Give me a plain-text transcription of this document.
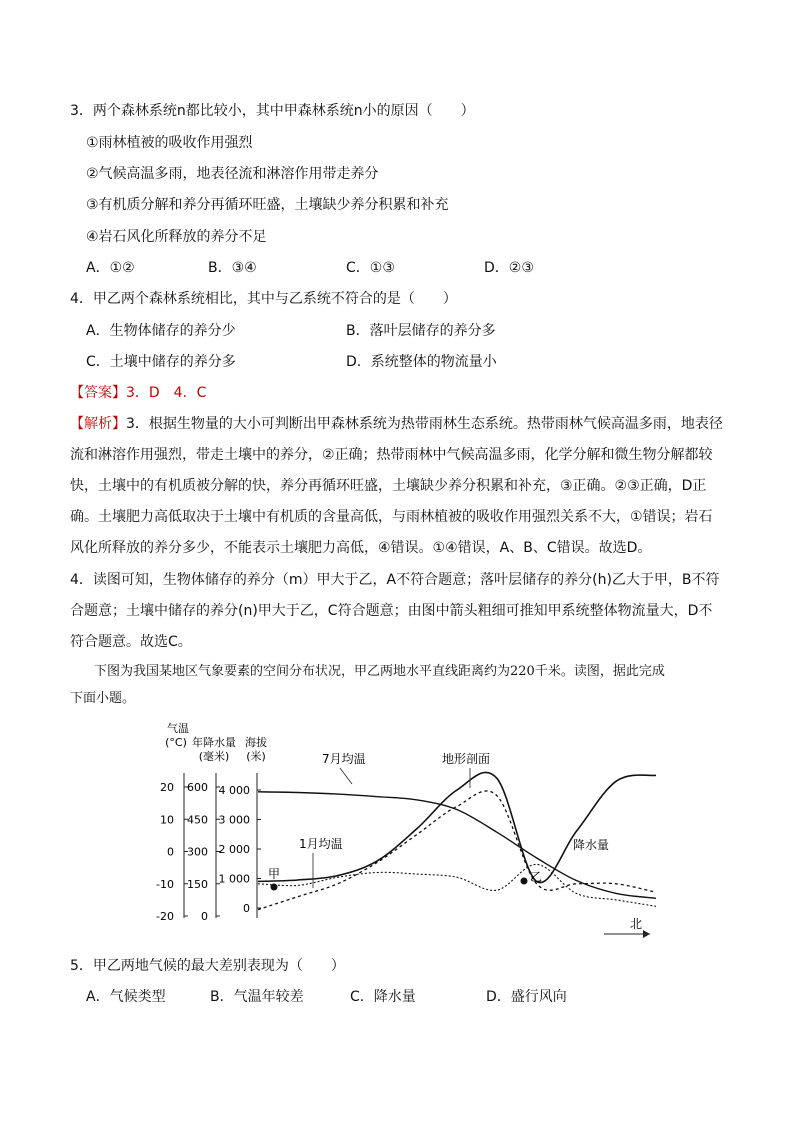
3．两个森林系统n都比较小，其中甲森林系统n小的原因（　　）
①雨林植被的吸收作用强烈
②气候高温多雨，地表径流和淋溶作用带走养分
③有机质分解和养分再循环旺盛，土壤缺少养分积累和补充
④岩石风化所释放的养分不足
A．①②	B．③④	C．①③	D．②③
4．甲乙两个森林系统相比，其中与乙系统不符合的是（　　）
A．生物体储存的养分少	B．落叶层储存的养分多
C．土壤中储存的养分多	D．系统整体的物流量小
【答案】3．D　4．C
【解析】3．根据生物量的大小可判断出甲森林系统为热带雨林生态系统。热带雨林气候高温多雨，地表径
流和淋溶作用强烈，带走土壤中的养分，②正确；热带雨林中气候高温多雨，化学分解和微生物分解都较
快，土壤中的有机质被分解的快，养分再循环旺盛，土壤缺少养分积累和补充，③正确。②③正确，D正
确。土壤肥力高低取决于土壤中有机质的含量高低，与雨林植被的吸收作用强烈关系不大，①错误；岩石
风化所释放的养分多少，不能表示土壤肥力高低，④错误。①④错误，A、B、C错误。故选D。
4．读图可知，生物体储存的养分（m）甲大于乙，A不符合题意；落叶层储存的养分(h)乙大于甲，B不符
合题意；土壤中储存的养分(n)甲大于乙，C符合题意；由图中箭头粗细可推知甲系统整体物流量大，D不
符合题意。故选C。
下图为我国某地区气象要素的空间分布状况，甲乙两地水平直线距离约为220千米。读图，据此完成
下面小题。
气温
(°C) 年降水量
(毫米)
海拔
(米)
20
10
0
-10
-20
600
450
300
150
0
4 000
3 000
2 000
1 000
0
7月均温	地形剖面
1月均温	降水量
甲	乙
北
5．甲乙两地气候的最大差别表现为（　　）
A．气候类型	B．气温年较差	C．降水量	D．盛行风向
